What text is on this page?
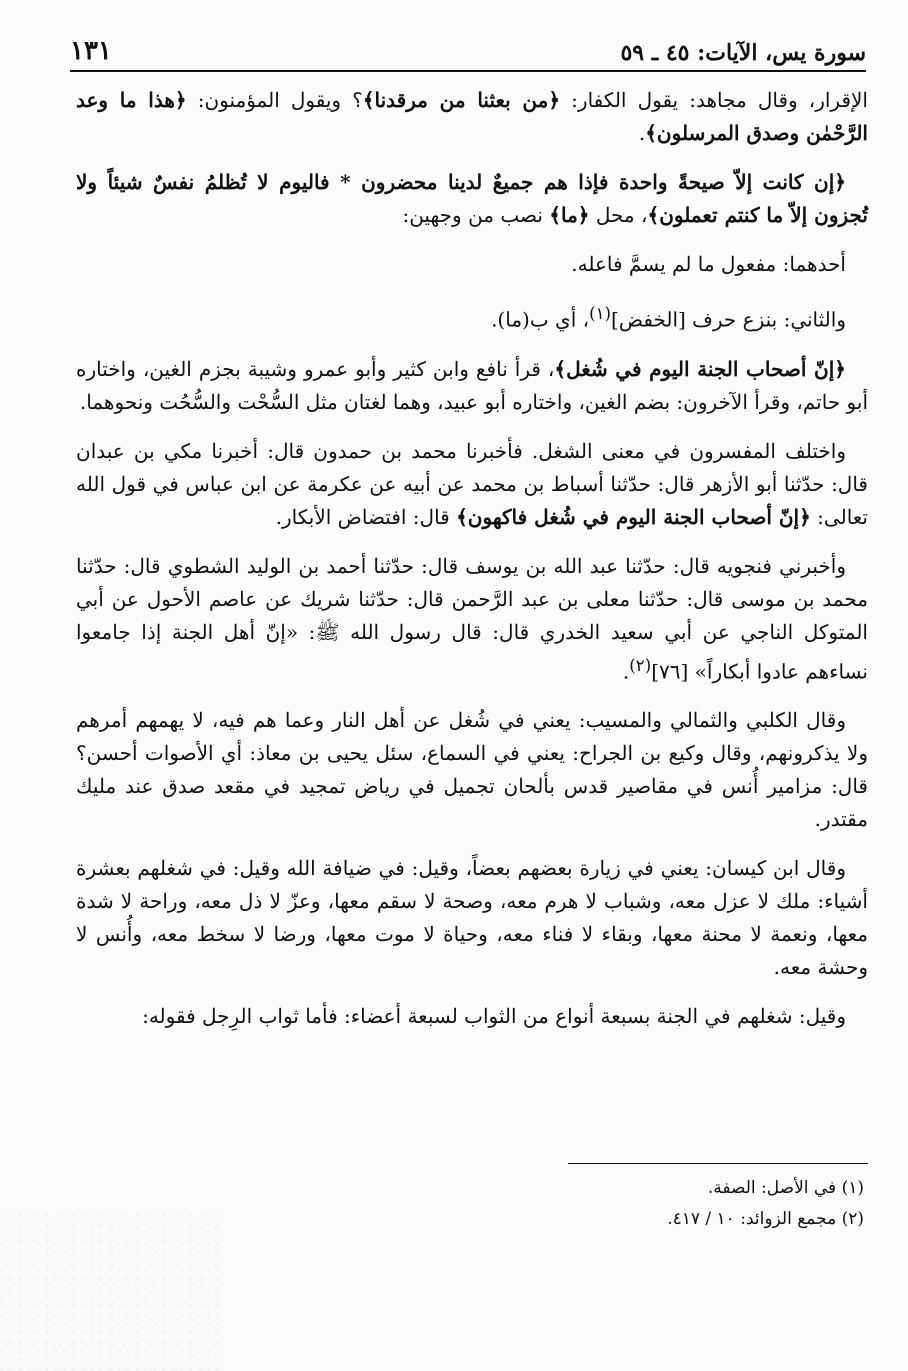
سورة يس، الآيات: ٤٥ ـ ٥٩
١٣١

الإقرار، وقال مجاهد: يقول الكفار: ﴿من بعثنا من مرقدنا﴾؟ ويقول المؤمنون: ﴿هذا ما وعد الرَّحْمٰن وصدق المرسلون﴾.

﴿إن كانت إلاّ صيحةً واحدة فإذا هم جميعٌ لدينا محضرون * فاليوم لا تُظلمُ نفسٌ شيئاً ولا تُجزون إلاّ ما كنتم تعملون﴾، محل ﴿ما﴾ نصب من وجهين:

أحدهما: مفعول ما لم يسمَّ فاعله.

والثاني: بنزع حرف [الخفض]$^{(١)}$، أي ب(ما).

﴿إنّ أصحاب الجنة اليوم في شُغل﴾، قرأ نافع وابن كثير وأبو عمرو وشيبة بجزم الغين، واختاره أبو حاتم، وقرأ الآخرون: بضم الغين، واختاره أبو عبيد، وهما لغتان مثل السُّحْت والسُّحُت ونحوهما.

واختلف المفسرون في معنى الشغل. فأخبرنا محمد بن حمدون قال: أخبرنا مكي بن عبدان قال: حدّثنا أبو الأزهر قال: حدّثنا أسباط بن محمد عن أبيه عن عكرمة عن ابن عباس في قول الله تعالى: ﴿إنّ أصحاب الجنة اليوم في شُغل فاكهون﴾ قال: افتضاض الأبكار.

وأخبرني فنجويه قال: حدّثنا عبد الله بن يوسف قال: حدّثنا أحمد بن الوليد الشطوي قال: حدّثنا محمد بن موسى قال: حدّثنا معلى بن عبد الرَّحمن قال: حدّثنا شريك عن عاصم الأحول عن أبي المتوكل الناجي عن أبي سعيد الخدري قال: قال رسول الله ﷺ: «إنّ أهل الجنة إذا جامعوا نساءهم عادوا أبكاراً» [٧٦]$^{(٢)}$.

وقال الكلبي والثمالي والمسيب: يعني في شُغل عن أهل النار وعما هم فيه، لا يهمهم أمرهم ولا يذكرونهم، وقال وكيع بن الجراح: يعني في السماع، سئل يحيى بن معاذ: أي الأصوات أحسن؟ قال: مزامير أُنس في مقاصير قدس بألحان تجميل في رياض تمجيد في مقعد صدق عند مليك مقتدر.

وقال ابن كيسان: يعني في زيارة بعضهم بعضاً، وقيل: في ضيافة الله وقيل: في شغلهم بعشرة أشياء: ملك لا عزل معه، وشباب لا هرم معه، وصحة لا سقم معها، وعزّ لا ذل معه، وراحة لا شدة معها، ونعمة لا محنة معها، وبقاء لا فناء معه، وحياة لا موت معها، ورضا لا سخط معه، وأُنس لا وحشة معه.

وقيل: شغلهم في الجنة بسبعة أنواع من الثواب لسبعة أعضاء: فأما ثواب الرِجل فقوله:

(١) في الأصل: الصفة.

(٢) مجمع الزوائد: ١٠ / ٤١٧.
